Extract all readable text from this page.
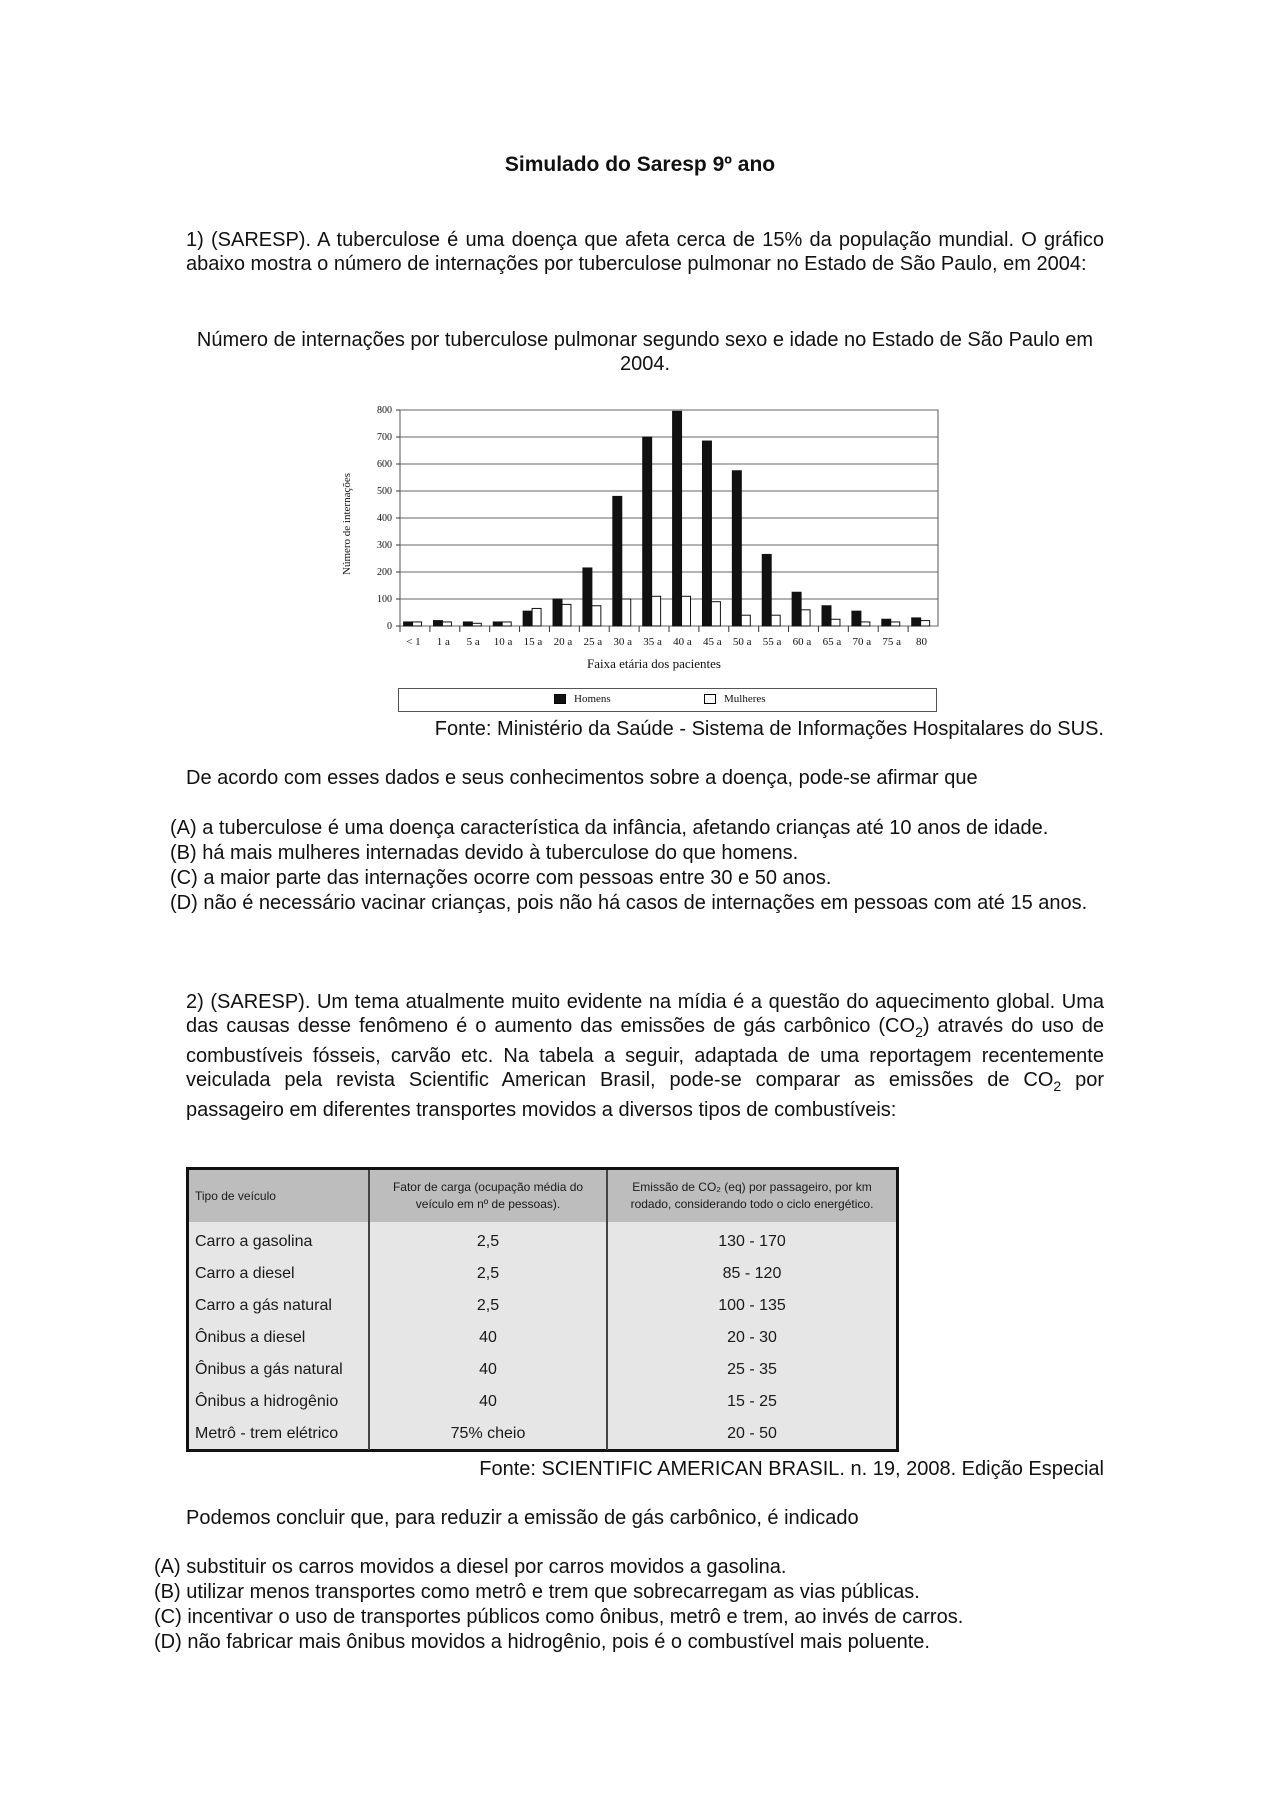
Simulado do Saresp 9º ano
1) (SARESP). A tuberculose é uma doença que afeta cerca de 15% da população mundial. O gráfico abaixo mostra o número de internações por tuberculose pulmonar no Estado de São Paulo, em 2004:
Número de internações por tuberculose pulmonar segundo sexo e idade no Estado de São Paulo em 2004.
0
100
200
300
400
500
600
700
800
< 1 1 a 5 a 10 a 15 a 20 a 25 a 30 a 35 a 40 a 45 a 50 a 55 a 60 a 65 a 70 a 75 a 80
Número de internações
Faixa etária dos pacientes
Homens	Mulheres
Fonte: Ministério da Saúde - Sistema de Informações Hospitalares do SUS.
De acordo com esses dados e seus conhecimentos sobre a doença, pode-se afirmar que
(A) a tuberculose é uma doença característica da infância, afetando crianças até 10 anos de idade.
(B) há mais mulheres internadas devido à tuberculose do que homens.
(C) a maior parte das internações ocorre com pessoas entre 30 e 50 anos.
(D) não é necessário vacinar crianças, pois não há casos de internações em pessoas com até 15 anos.
2) (SARESP). Um tema atualmente muito evidente na mídia é a questão do aquecimento global. Uma das causas desse fenômeno é o aumento das emissões de gás carbônico $(CO_2)$ através do uso de combustíveis fósseis, carvão etc. Na tabela a seguir, adaptada de uma reportagem recentemente veiculada pela revista Scientific American Brasil, pode-se comparar as emissões de $CO_2$ por passageiro em diferentes transportes movidos a diversos tipos de combustíveis:
Tipo de veículo	Fator de carga (ocupação média do veículo em nº de pessoas).	Emissão de CO₂ (eq) por passageiro, por km rodado, considerando todo o ciclo energético.
Carro a gasolina	2,5	130 - 170
Carro a diesel	2,5	85 - 120
Carro a gás natural	2,5	100 - 135
Ônibus a diesel	40	20 - 30
Ônibus a gás natural	40	25 - 35
Ônibus a hidrogênio	40	15 - 25
Metrô - trem elétrico	75% cheio	20 - 50
Fonte: SCIENTIFIC AMERICAN BRASIL. n. 19, 2008. Edição Especial
Podemos concluir que, para reduzir a emissão de gás carbônico, é indicado
(A) substituir os carros movidos a diesel por carros movidos a gasolina.
(B) utilizar menos transportes como metrô e trem que sobrecarregam as vias públicas.
(C) incentivar o uso de transportes públicos como ônibus, metrô e trem, ao invés de carros.
(D) não fabricar mais ônibus movidos a hidrogênio, pois é o combustível mais poluente.
